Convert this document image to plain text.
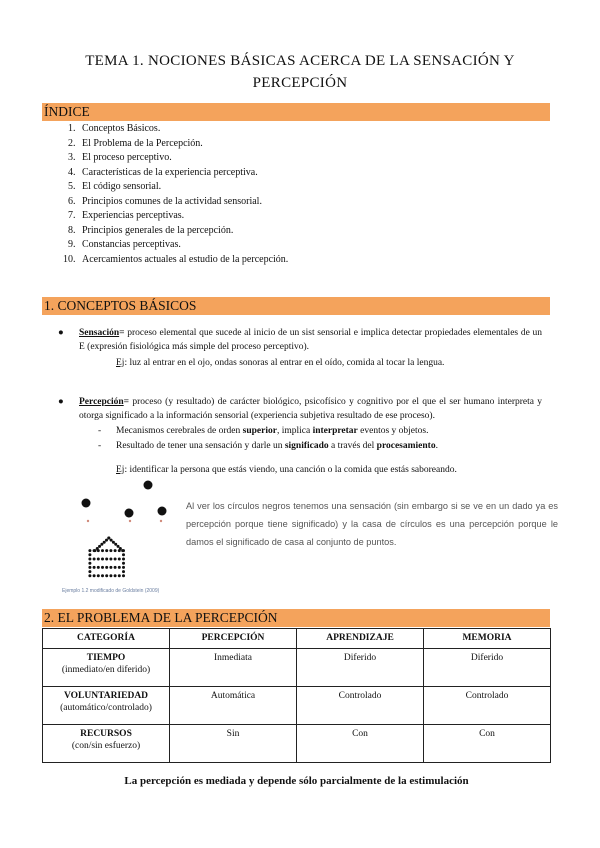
TEMA 1. NOCIONES BÁSICAS ACERCA DE LA SENSACIÓN Y
PERCEPCIÓN
ÍNDICE
1. Conceptos Básicos.
2. El Problema de la Percepción.
3. El proceso perceptivo.
4. Características de la experiencia perceptiva.
5. El código sensorial.
6. Principios comunes de la actividad sensorial.
7. Experiencias perceptivas.
8. Principios generales de la percepción.
9. Constancias perceptivas.
10. Acercamientos actuales al estudio de la percepción.
1. CONCEPTOS BÁSICOS
● Sensación= proceso elemental que sucede al inicio de un sist sensorial e implica detectar propiedades elementales de un E (expresión fisiológica más simple del proceso perceptivo).
Ej: luz al entrar en el ojo, ondas sonoras al entrar en el oído, comida al tocar la lengua.
● Percepción= proceso (y resultado) de carácter biológico, psicofísico y cognitivo por el que el ser humano interpreta y otorga significado a la información sensorial (experiencia subjetiva resultado de ese proceso).
- Mecanismos cerebrales de orden superior, implica interpretar eventos y objetos.
- Resultado de tener una sensación y darle un significado a través del procesamiento.
Ej: identificar la persona que estás viendo, una canción o la comida que estás saboreando.
Al ver los círculos negros tenemos una sensación (sin embargo si se ve en un dado ya es percepción porque tiene significado) y la casa de círculos es una percepción porque le damos el significado de casa al conjunto de puntos.
Ejemplo 1.2 modificado de Goldstein (2009)
2. EL PROBLEMA DE LA PERCEPCIÓN
CATEGORÍA	PERCEPCIÓN	APRENDIZAJE	MEMORIA

TIEMPO
(inmediato/en diferido)	Inmediata	Diferido	Diferido

VOLUNTARIEDAD
(automático/controlado)	Automática	Controlado	Controlado

RECURSOS
(con/sin esfuerzo)	Sin	Con	Con
La percepción es mediada y depende sólo parcialmente de la estimulación
